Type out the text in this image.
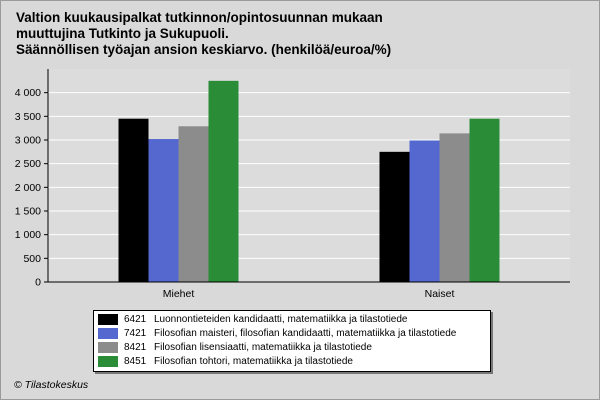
Valtion kuukausipalkat tutkinnon/opintosuunnan mukaan
muuttujina Tutkinto ja Sukupuoli.
Säännöllisen työajan ansion keskiarvo. (henkilöä/euroa/%)
0
500
1 000
1 500
2 000
2 500
3 000
3 500
4 000
Miehet	Naiset
6421 Luonnontieteiden kandidaatti, matematiikka ja tilastotiede
7421 Filosofian maisteri, filosofian kandidaatti, matematiikka ja tilastotiede
8421 Filosofian lisensiaatti, matematiikka ja tilastotiede
8451 Filosofian tohtori, matematiikka ja tilastotiede
© Tilastokeskus
